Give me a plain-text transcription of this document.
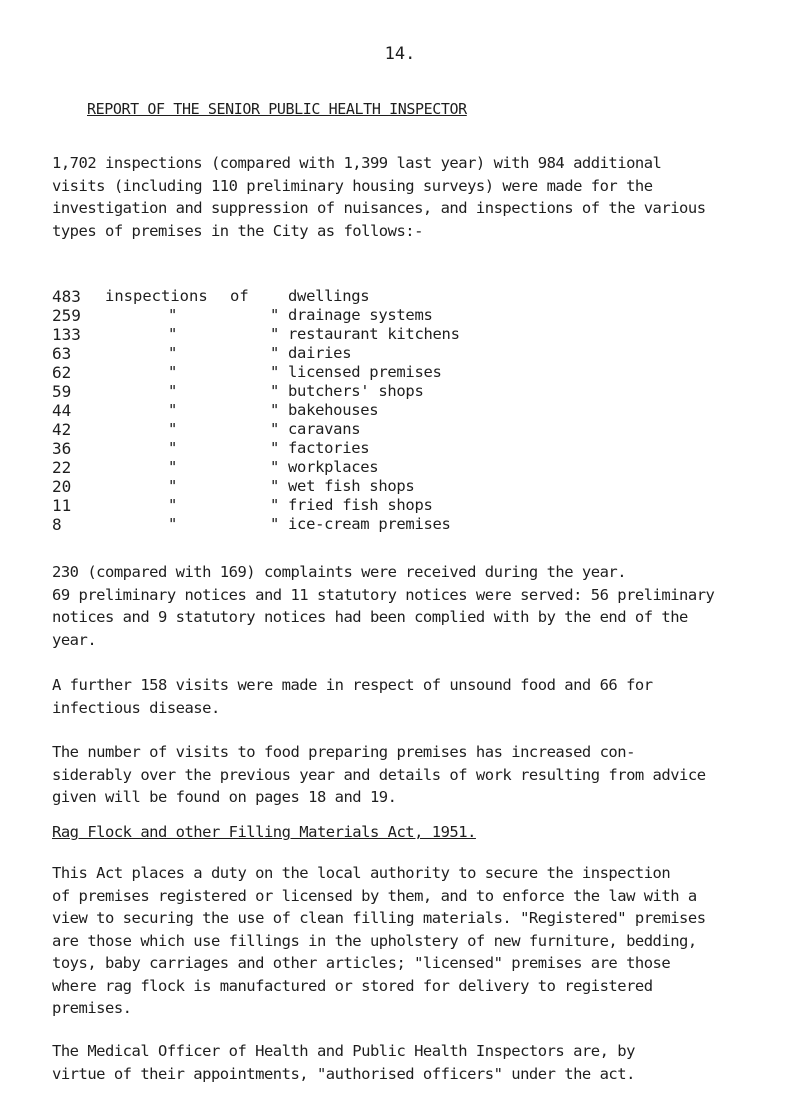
14.
REPORT OF THE SENIOR PUBLIC HEALTH INSPECTOR

1,702 inspections (compared with 1,399 last year) with 984 additional
visits (including 110 preliminary housing surveys) were made for the
investigation and suppression of nuisances, and inspections of the various
types of premises in the City as follows:-

483	inspections of	dwellings
259	"	" drainage systems
133	"	" restaurant kitchens
63	"	" dairies
62	"	" licensed premises
59	"	" butchers' shops
44	"	" bakehouses
42	"	" caravans
36	"	" factories
22	"	" workplaces
20	"	" wet fish shops
11	"	" fried fish shops
8	"	" ice-cream premises

230 (compared with 169) complaints were received during the year.
69 preliminary notices and 11 statutory notices were served: 56 preliminary
notices and 9 statutory notices had been complied with by the end of the
year.

A further 158 visits were made in respect of unsound food and 66 for
infectious disease.

The number of visits to food preparing premises has increased con-
siderably over the previous year and details of work resulting from advice
given will be found on pages 18 and 19.

Rag Flock and other Filling Materials Act, 1951.

This Act places a duty on the local authority to secure the inspection
of premises registered or licensed by them, and to enforce the law with a
view to securing the use of clean filling materials. "Registered" premises
are those which use fillings in the upholstery of new furniture, bedding,
toys, baby carriages and other articles; "licensed" premises are those
where rag flock is manufactured or stored for delivery to registered
premises.

The Medical Officer of Health and Public Health Inspectors are, by
virtue of their appointments, "authorised officers" under the act.
